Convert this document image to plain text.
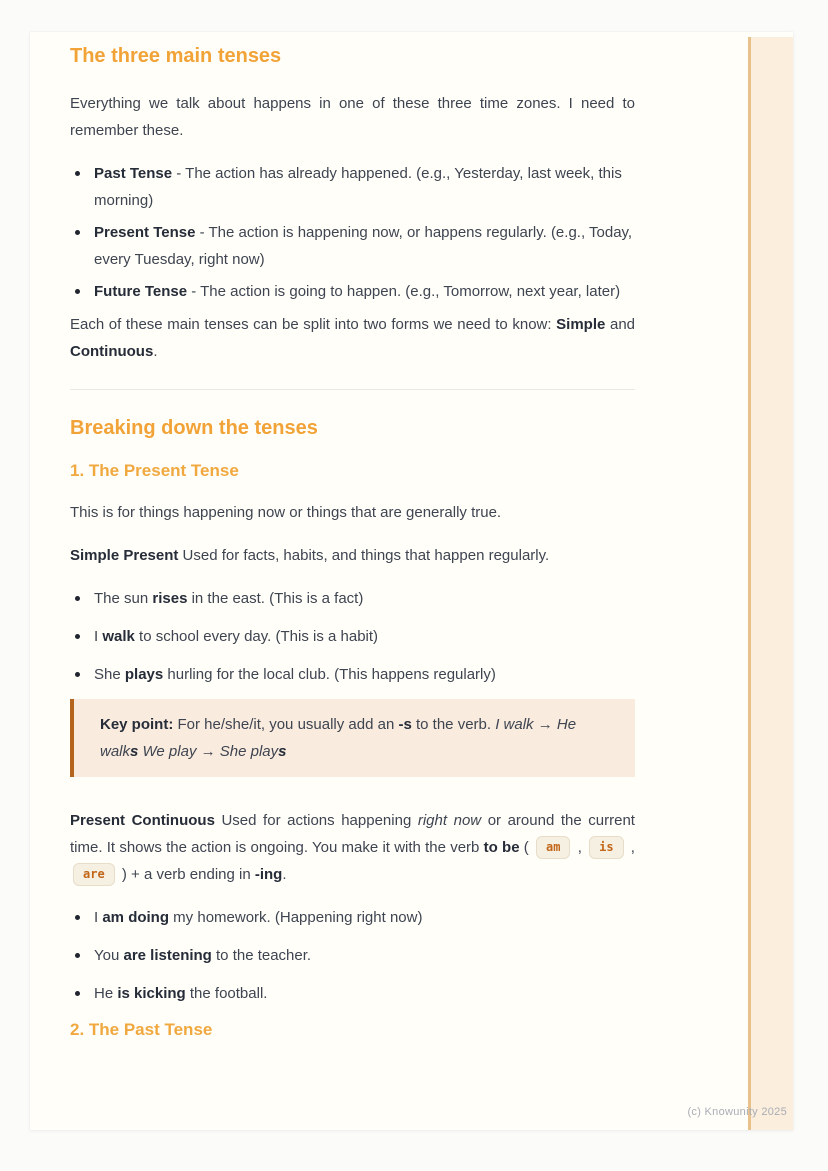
The three main tenses

Everything we talk about happens in one of these three time zones. I need to remember these.

Past Tense - The action has already happened. (e.g., Yesterday, last week, this morning)
Present Tense - The action is happening now, or happens regularly. (e.g., Today, every Tuesday, right now)
Future Tense - The action is going to happen. (e.g., Tomorrow, next year, later)

Each of these main tenses can be split into two forms we need to know: Simple and Continuous.

Breaking down the tenses
1. The Present Tense

This is for things happening now or things that are generally true.

Simple Present Used for facts, habits, and things that happen regularly.

The sun rises in the east. (This is a fact)
I walk to school every day. (This is a habit)
She plays hurling for the local club. (This happens regularly)

Key point: For he/she/it, you usually add an -s to the verb. I walk → He walks We play → She plays

Present Continuous Used for actions happening right now or around the current time. It shows the action is ongoing. You make it with the verb to be ( am , is , are ) + a verb ending in -ing.

I am doing my homework. (Happening right now)
You are listening to the teacher.
He is kicking the football.
2. The Past Tense
(c) Knowunity 2025
